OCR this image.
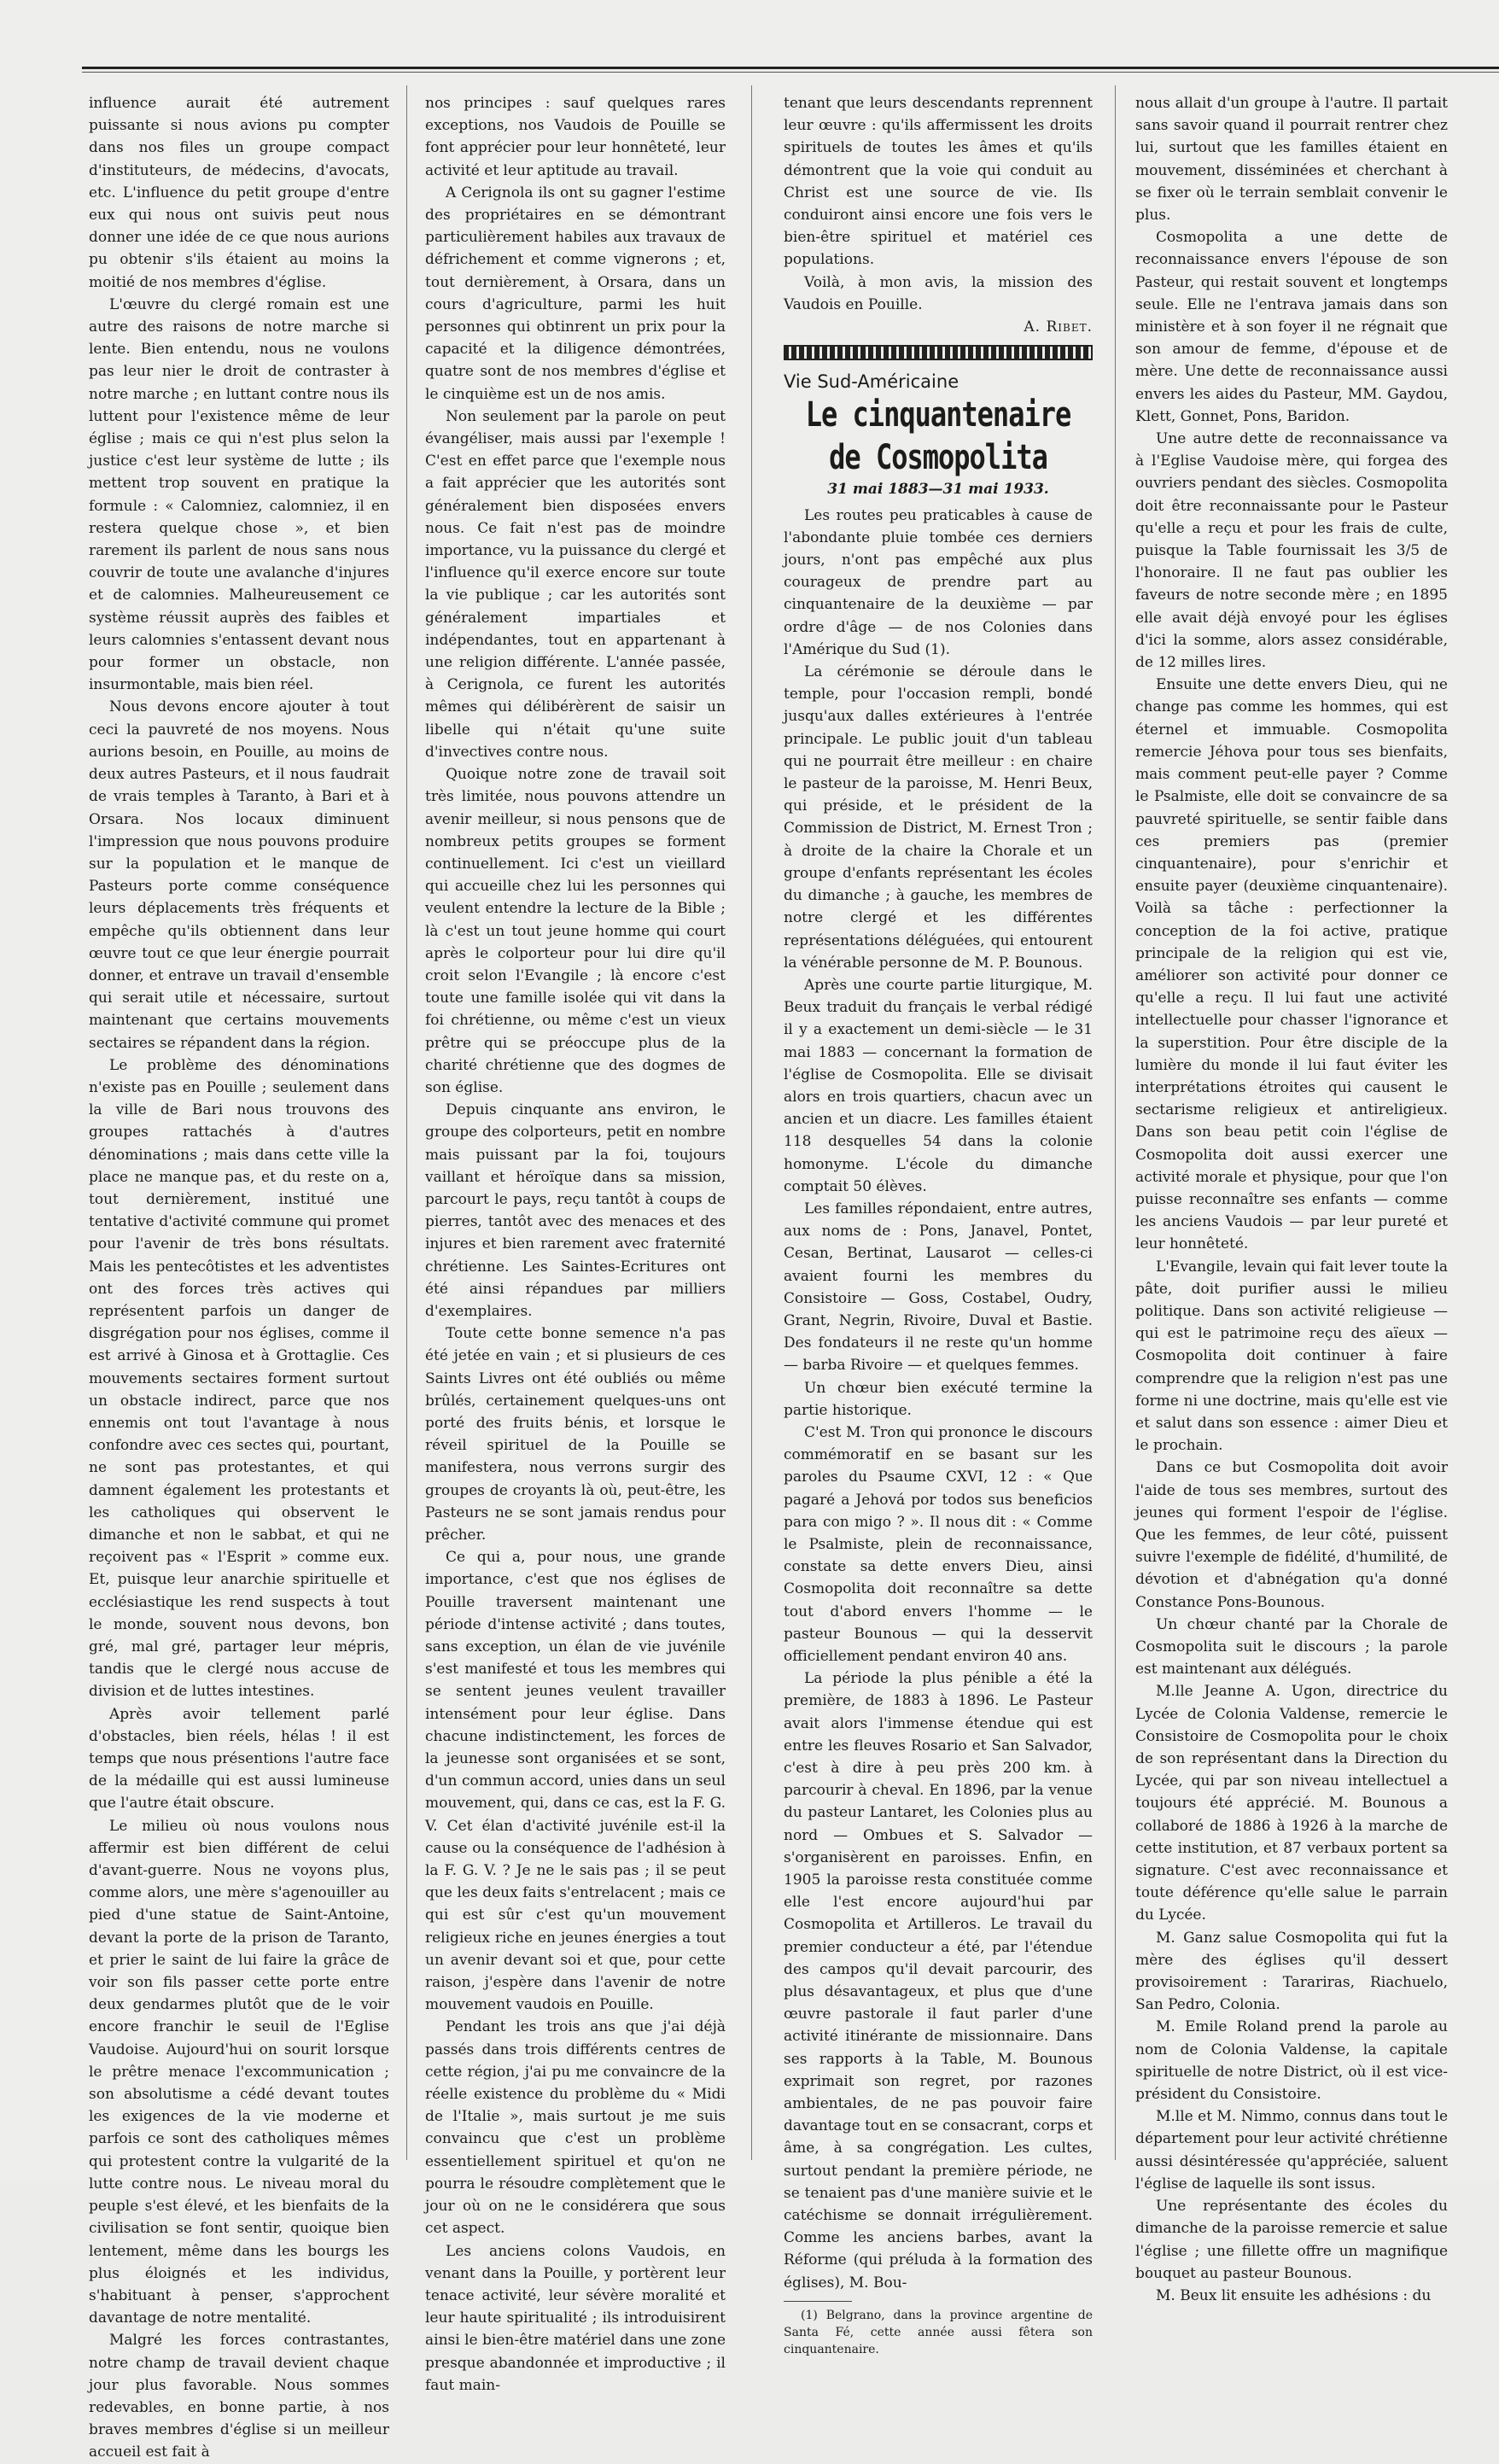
influence aurait été autrement puissante si nous avions pu compter dans nos files un groupe compact d'instituteurs, de médecins, d'avocats, etc. L'influence du petit groupe d'entre eux qui nous ont suivis peut nous donner une idée de ce que nous aurions pu obtenir s'ils étaient au moins la moitié de nos membres d'église.

L'œuvre du clergé romain est une autre des raisons de notre marche si lente. Bien entendu, nous ne voulons pas leur nier le droit de contraster à notre marche ; en luttant contre nous ils luttent pour l'existence même de leur église ; mais ce qui n'est plus selon la justice c'est leur système de lutte ; ils mettent trop souvent en pratique la formule : « Calomniez, calomniez, il en restera quelque chose », et bien rarement ils parlent de nous sans nous couvrir de toute une avalanche d'injures et de calomnies. Malheureusement ce système réussit auprès des faibles et leurs calomnies s'entassent devant nous pour former un obstacle, non insurmontable, mais bien réel.

Nous devons encore ajouter à tout ceci la pauvreté de nos moyens. Nous aurions besoin, en Pouille, au moins de deux autres Pasteurs, et il nous faudrait de vrais temples à Taranto, à Bari et à Orsara. Nos locaux diminuent l'impression que nous pouvons produire sur la population et le manque de Pasteurs porte comme conséquence leurs déplacements très fréquents et empêche qu'ils obtiennent dans leur œuvre tout ce que leur énergie pourrait donner, et entrave un travail d'ensemble qui serait utile et nécessaire, surtout maintenant que certains mouvements sectaires se répandent dans la région.

Le problème des dénominations n'existe pas en Pouille ; seulement dans la ville de Bari nous trouvons des groupes rattachés à d'autres dénominations ; mais dans cette ville la place ne manque pas, et du reste on a, tout dernièrement, institué une tentative d'activité commune qui promet pour l'avenir de très bons résultats. Mais les pentecôtistes et les adventistes ont des forces très actives qui représentent parfois un danger de disgrégation pour nos églises, comme il est arrivé à Ginosa et à Grottaglie. Ces mouvements sectaires forment surtout un obstacle indirect, parce que nos ennemis ont tout l'avantage à nous confondre avec ces sectes qui, pourtant, ne sont pas protestantes, et qui damnent également les protestants et les catholiques qui observent le dimanche et non le sabbat, et qui ne reçoivent pas « l'Esprit » comme eux. Et, puisque leur anarchie spirituelle et ecclésiastique les rend suspects à tout le monde, souvent nous devons, bon gré, mal gré, partager leur mépris, tandis que le clergé nous accuse de division et de luttes intestines.

Après avoir tellement parlé d'obstacles, bien réels, hélas ! il est temps que nous présentions l'autre face de la médaille qui est aussi lumineuse que l'autre était obscure.

Le milieu où nous voulons nous affermir est bien différent de celui d'avant-guerre. Nous ne voyons plus, comme alors, une mère s'agenouiller au pied d'une statue de Saint-Antoine, devant la porte de la prison de Taranto, et prier le saint de lui faire la grâce de voir son fils passer cette porte entre deux gendarmes plutôt que de le voir encore franchir le seuil de l'Eglise Vaudoise. Aujourd'hui on sourit lorsque le prêtre menace l'excommunication ; son absolutisme a cédé devant toutes les exigences de la vie moderne et parfois ce sont des catholiques mêmes qui protestent contre la vulgarité de la lutte contre nous. Le niveau moral du peuple s'est élevé, et les bienfaits de la civilisation se font sentir, quoique bien lentement, même dans les bourgs les plus éloignés et les individus, s'habituant à penser, s'approchent davantage de notre mentalité.

Malgré les forces contrastantes, notre champ de travail devient chaque jour plus favorable. Nous sommes redevables, en bonne partie, à nos braves membres d'église si un meilleur accueil est fait à

nos principes : sauf quelques rares exceptions, nos Vaudois de Pouille se font apprécier pour leur honnêteté, leur activité et leur aptitude au travail.

A Cerignola ils ont su gagner l'estime des propriétaires en se démontrant particulièrement habiles aux travaux de défrichement et comme vignerons ; et, tout dernièrement, à Orsara, dans un cours d'agriculture, parmi les huit personnes qui obtinrent un prix pour la capacité et la diligence démontrées, quatre sont de nos membres d'église et le cinquième est un de nos amis.

Non seulement par la parole on peut évangéliser, mais aussi par l'exemple ! C'est en effet parce que l'exemple nous a fait apprécier que les autorités sont généralement bien disposées envers nous. Ce fait n'est pas de moindre importance, vu la puissance du clergé et l'influence qu'il exerce encore sur toute la vie publique ; car les autorités sont généralement impartiales et indépendantes, tout en appartenant à une religion différente. L'année passée, à Cerignola, ce furent les autorités mêmes qui délibérèrent de saisir un libelle qui n'était qu'une suite d'invectives contre nous.

Quoique notre zone de travail soit très limitée, nous pouvons attendre un avenir meilleur, si nous pensons que de nombreux petits groupes se forment continuellement. Ici c'est un vieillard qui accueille chez lui les personnes qui veulent entendre la lecture de la Bible ; là c'est un tout jeune homme qui court après le colporteur pour lui dire qu'il croit selon l'Evangile ; là encore c'est toute une famille isolée qui vit dans la foi chrétienne, ou même c'est un vieux prêtre qui se préoccupe plus de la charité chrétienne que des dogmes de son église.

Depuis cinquante ans environ, le groupe des colporteurs, petit en nombre mais puissant par la foi, toujours vaillant et héroïque dans sa mission, parcourt le pays, reçu tantôt à coups de pierres, tantôt avec des menaces et des injures et bien rarement avec fraternité chrétienne. Les Saintes-Ecritures ont été ainsi répandues par milliers d'exemplaires.

Toute cette bonne semence n'a pas été jetée en vain ; et si plusieurs de ces Saints Livres ont été oubliés ou même brûlés, certainement quelques-uns ont porté des fruits bénis, et lorsque le réveil spirituel de la Pouille se manifestera, nous verrons surgir des groupes de croyants là où, peut-être, les Pasteurs ne se sont jamais rendus pour prêcher.

Ce qui a, pour nous, une grande importance, c'est que nos églises de Pouille traversent maintenant une période d'intense activité ; dans toutes, sans exception, un élan de vie juvénile s'est manifesté et tous les membres qui se sentent jeunes veulent travailler intensément pour leur église. Dans chacune indistinctement, les forces de la jeunesse sont organisées et se sont, d'un commun accord, unies dans un seul mouvement, qui, dans ce cas, est la F. G. V. Cet élan d'activité juvénile est-il la cause ou la conséquence de l'adhésion à la F. G. V. ? Je ne le sais pas ; il se peut que les deux faits s'entrelacent ; mais ce qui est sûr c'est qu'un mouvement religieux riche en jeunes énergies a tout un avenir devant soi et que, pour cette raison, j'espère dans l'avenir de notre mouvement vaudois en Pouille.

Pendant les trois ans que j'ai déjà passés dans trois différents centres de cette région, j'ai pu me convaincre de la réelle existence du problème du « Midi de l'Italie », mais surtout je me suis convaincu que c'est un problème essentiellement spirituel et qu'on ne pourra le résoudre complètement que le jour où on ne le considérera que sous cet aspect.

Les anciens colons Vaudois, en venant dans la Pouille, y portèrent leur tenace activité, leur sévère moralité et leur haute spiritualité ; ils introduisirent ainsi le bien-être matériel dans une zone presque abandonnée et improductive ; il faut main-

tenant que leurs descendants reprennent leur œuvre : qu'ils affermissent les droits spirituels de toutes les âmes et qu'ils démontrent que la voie qui conduit au Christ est une source de vie. Ils conduiront ainsi encore une fois vers le bien-être spirituel et matériel ces populations.

Voilà, à mon avis, la mission des Vaudois en Pouille.

A. Ribet.
Vie Sud-Américaine
Le cinquantenaire de Cosmopolita
31 mai 1883—31 mai 1933.

Les routes peu praticables à cause de l'abondante pluie tombée ces derniers jours, n'ont pas empêché aux plus courageux de prendre part au cinquantenaire de la deuxième — par ordre d'âge — de nos Colonies dans l'Amérique du Sud (1).

La cérémonie se déroule dans le temple, pour l'occasion rempli, bondé jusqu'aux dalles extérieures à l'entrée principale. Le public jouit d'un tableau qui ne pourrait être meilleur : en chaire le pasteur de la paroisse, M. Henri Beux, qui préside, et le président de la Commission de District, M. Ernest Tron ; à droite de la chaire la Chorale et un groupe d'enfants représentant les écoles du dimanche ; à gauche, les membres de notre clergé et les différentes représentations déléguées, qui entourent la vénérable personne de M. P. Bounous.

Après une courte partie liturgique, M. Beux traduit du français le verbal rédigé il y a exactement un demi-siècle — le 31 mai 1883 — concernant la formation de l'église de Cosmopolita. Elle se divisait alors en trois quartiers, chacun avec un ancien et un diacre. Les familles étaient 118 desquelles 54 dans la colonie homonyme. L'école du dimanche comptait 50 élèves.

Les familles répondaient, entre autres, aux noms de : Pons, Janavel, Pontet, Cesan, Bertinat, Lausarot — celles-ci avaient fourni les membres du Consistoire — Goss, Costabel, Oudry, Grant, Negrin, Rivoire, Duval et Bastie. Des fondateurs il ne reste qu'un homme — barba Rivoire — et quelques femmes.

Un chœur bien exécuté termine la partie historique.

C'est M. Tron qui prononce le discours commémoratif en se basant sur les paroles du Psaume CXVI, 12 : « Que pagaré a Jehová por todos sus beneficios para con migo ? ». Il nous dit : « Comme le Psalmiste, plein de reconnaissance, constate sa dette envers Dieu, ainsi Cosmopolita doit reconnaître sa dette tout d'abord envers l'homme — le pasteur Bounous — qui la desservit officiellement pendant environ 40 ans.

La période la plus pénible a été la première, de 1883 à 1896. Le Pasteur avait alors l'immense étendue qui est entre les fleuves Rosario et San Salvador, c'est à dire à peu près 200 km. à parcourir à cheval. En 1896, par la venue du pasteur Lantaret, les Colonies plus au nord — Ombues et S. Salvador — s'organisèrent en paroisses. Enfin, en 1905 la paroisse resta constituée comme elle l'est encore aujourd'hui par Cosmopolita et Artilleros. Le travail du premier conducteur a été, par l'étendue des campos qu'il devait parcourir, des plus désavantageux, et plus que d'une œuvre pastorale il faut parler d'une activité itinérante de missionnaire. Dans ses rapports à la Table, M. Bounous exprimait son regret, por razones ambientales, de ne pas pouvoir faire davantage tout en se consacrant, corps et âme, à sa congrégation. Les cultes, surtout pendant la première période, ne se tenaient pas d'une manière suivie et le catéchisme se donnait irrégulièrement. Comme les anciens barbes, avant la Réforme (qui préluda à la formation des églises), M. Bou-

(1) Belgrano, dans la province argentine de Santa Fé, cette année aussi fêtera son cinquantenaire.

nous allait d'un groupe à l'autre. Il partait sans savoir quand il pourrait rentrer chez lui, surtout que les familles étaient en mouvement, disséminées et cherchant à se fixer où le terrain semblait convenir le plus.

Cosmopolita a une dette de reconnaissance envers l'épouse de son Pasteur, qui restait souvent et longtemps seule. Elle ne l'entrava jamais dans son ministère et à son foyer il ne régnait que son amour de femme, d'épouse et de mère. Une dette de reconnaissance aussi envers les aides du Pasteur, MM. Gaydou, Klett, Gonnet, Pons, Baridon.

Une autre dette de reconnaissance va à l'Eglise Vaudoise mère, qui forgea des ouvriers pendant des siècles. Cosmopolita doit être reconnaissante pour le Pasteur qu'elle a reçu et pour les frais de culte, puisque la Table fournissait les 3/5 de l'honoraire. Il ne faut pas oublier les faveurs de notre seconde mère ; en 1895 elle avait déjà envoyé pour les églises d'ici la somme, alors assez considérable, de 12 milles lires.

Ensuite une dette envers Dieu, qui ne change pas comme les hommes, qui est éternel et immuable. Cosmopolita remercie Jéhova pour tous ses bienfaits, mais comment peut-elle payer ? Comme le Psalmiste, elle doit se convaincre de sa pauvreté spirituelle, se sentir faible dans ces premiers pas (premier cinquantenaire), pour s'enrichir et ensuite payer (deuxième cinquantenaire). Voilà sa tâche : perfectionner la conception de la foi active, pratique principale de la religion qui est vie, améliorer son activité pour donner ce qu'elle a reçu. Il lui faut une activité intellectuelle pour chasser l'ignorance et la superstition. Pour être disciple de la lumière du monde il lui faut éviter les interprétations étroites qui causent le sectarisme religieux et antireligieux. Dans son beau petit coin l'église de Cosmopolita doit aussi exercer une activité morale et physique, pour que l'on puisse reconnaître ses enfants — comme les anciens Vaudois — par leur pureté et leur honnêteté.

L'Evangile, levain qui fait lever toute la pâte, doit purifier aussi le milieu politique. Dans son activité religieuse — qui est le patrimoine reçu des aïeux — Cosmopolita doit continuer à faire comprendre que la religion n'est pas une forme ni une doctrine, mais qu'elle est vie et salut dans son essence : aimer Dieu et le prochain.

Dans ce but Cosmopolita doit avoir l'aide de tous ses membres, surtout des jeunes qui forment l'espoir de l'église. Que les femmes, de leur côté, puissent suivre l'exemple de fidélité, d'humilité, de dévotion et d'abnégation qu'a donné Constance Pons-Bounous.

Un chœur chanté par la Chorale de Cosmopolita suit le discours ; la parole est maintenant aux délégués.

M.lle Jeanne A. Ugon, directrice du Lycée de Colonia Valdense, remercie le Consistoire de Cosmopolita pour le choix de son représentant dans la Direction du Lycée, qui par son niveau intellectuel a toujours été apprécié. M. Bounous a collaboré de 1886 à 1926 à la marche de cette institution, et 87 verbaux portent sa signature. C'est avec reconnaissance et toute déférence qu'elle salue le parrain du Lycée.

M. Ganz salue Cosmopolita qui fut la mère des églises qu'il dessert provisoirement : Tarariras, Riachuelo, San Pedro, Colonia.

M. Emile Roland prend la parole au nom de Colonia Valdense, la capitale spirituelle de notre District, où il est vice-président du Consistoire.

M.lle et M. Nimmo, connus dans tout le département pour leur activité chrétienne aussi désintéressée qu'appréciée, saluent l'église de laquelle ils sont issus.

Une représentante des écoles du dimanche de la paroisse remercie et salue l'église ; une fillette offre un magnifique bouquet au pasteur Bounous.

M. Beux lit ensuite les adhésions : du
